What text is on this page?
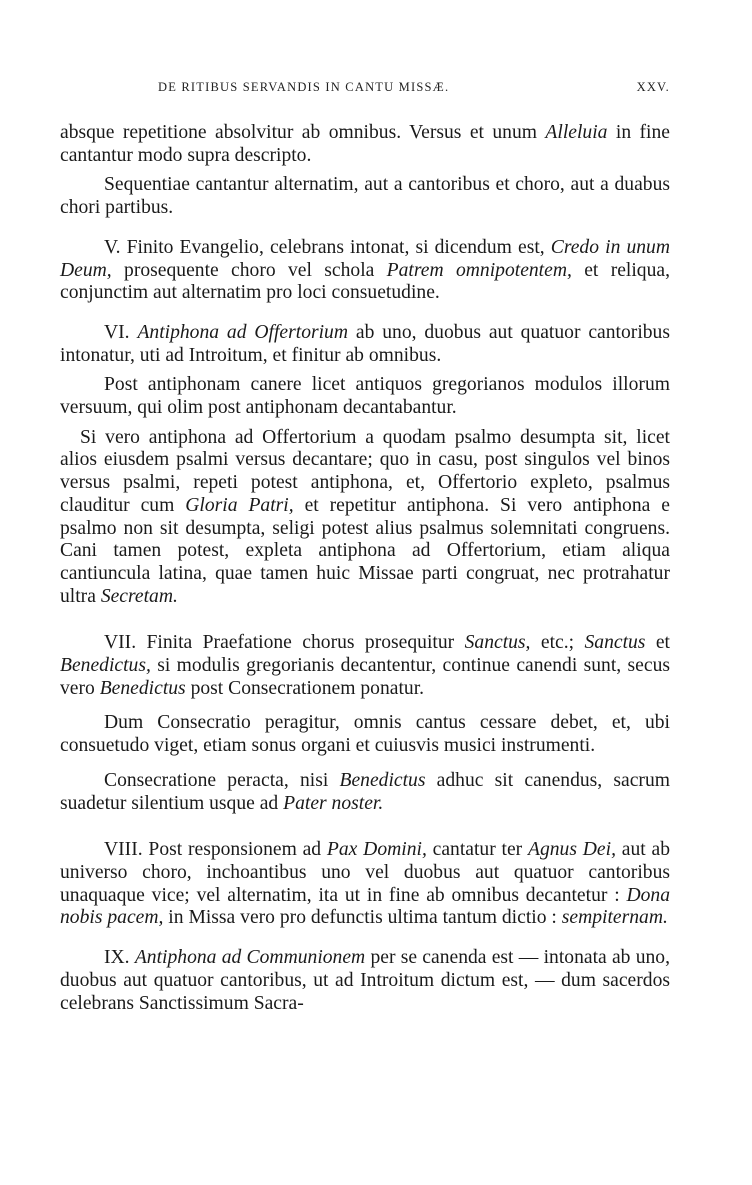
DE RITIBUS SERVANDIS IN CANTU MISSÆ.	XXV.

absque repetitione absolvitur ab omnibus. Versus et unum Alleluia in fine cantantur modo supra descripto.

Sequentiae cantantur alternatim, aut a cantoribus et choro, aut a duabus chori partibus.

V. Finito Evangelio, celebrans intonat, si dicendum est, Credo in unum Deum, prosequente choro vel schola Patrem omnipotentem, et reliqua, conjunctim aut alternatim pro loci consuetudine.

VI. Antiphona ad Offertorium ab uno, duobus aut quatuor cantoribus intonatur, uti ad Introitum, et finitur ab omnibus.

Post antiphonam canere licet antiquos gregorianos modulos illorum versuum, qui olim post antiphonam decantabantur.

Si vero antiphona ad Offertorium a quodam psalmo desumpta sit, licet alios eiusdem psalmi versus decantare; quo in casu, post singulos vel binos versus psalmi, repeti potest antiphona, et, Offertorio expleto, psalmus clauditur cum Gloria Patri, et repetitur antiphona. Si vero antiphona e psalmo non sit desumpta, seligi potest alius psalmus solemnitati congruens. Cani tamen potest, expleta antiphona ad Offertorium, etiam aliqua cantiuncula latina, quae tamen huic Missae parti congruat, nec protrahatur ultra Secretam.

VII. Finita Praefatione chorus prosequitur Sanctus, etc.; Sanctus et Benedictus, si modulis gregorianis decantentur, continue canendi sunt, secus vero Benedictus post Consecrationem ponatur.

Dum Consecratio peragitur, omnis cantus cessare debet, et, ubi consuetudo viget, etiam sonus organi et cuiusvis musici instrumenti.

Consecratione peracta, nisi Benedictus adhuc sit canendus, sacrum suadetur silentium usque ad Pater noster.

VIII. Post responsionem ad Pax Domini, cantatur ter Agnus Dei, aut ab universo choro, inchoantibus uno vel duobus aut quatuor cantoribus unaquaque vice; vel alternatim, ita ut in fine ab omnibus decantetur : Dona nobis pacem, in Missa vero pro defunctis ultima tantum dictio : sempiternam.

IX. Antiphona ad Communionem per se canenda est — intonata ab uno, duobus aut quatuor cantoribus, ut ad Introitum dictum est, — dum sacerdos celebrans Sanctissimum Sacra-
